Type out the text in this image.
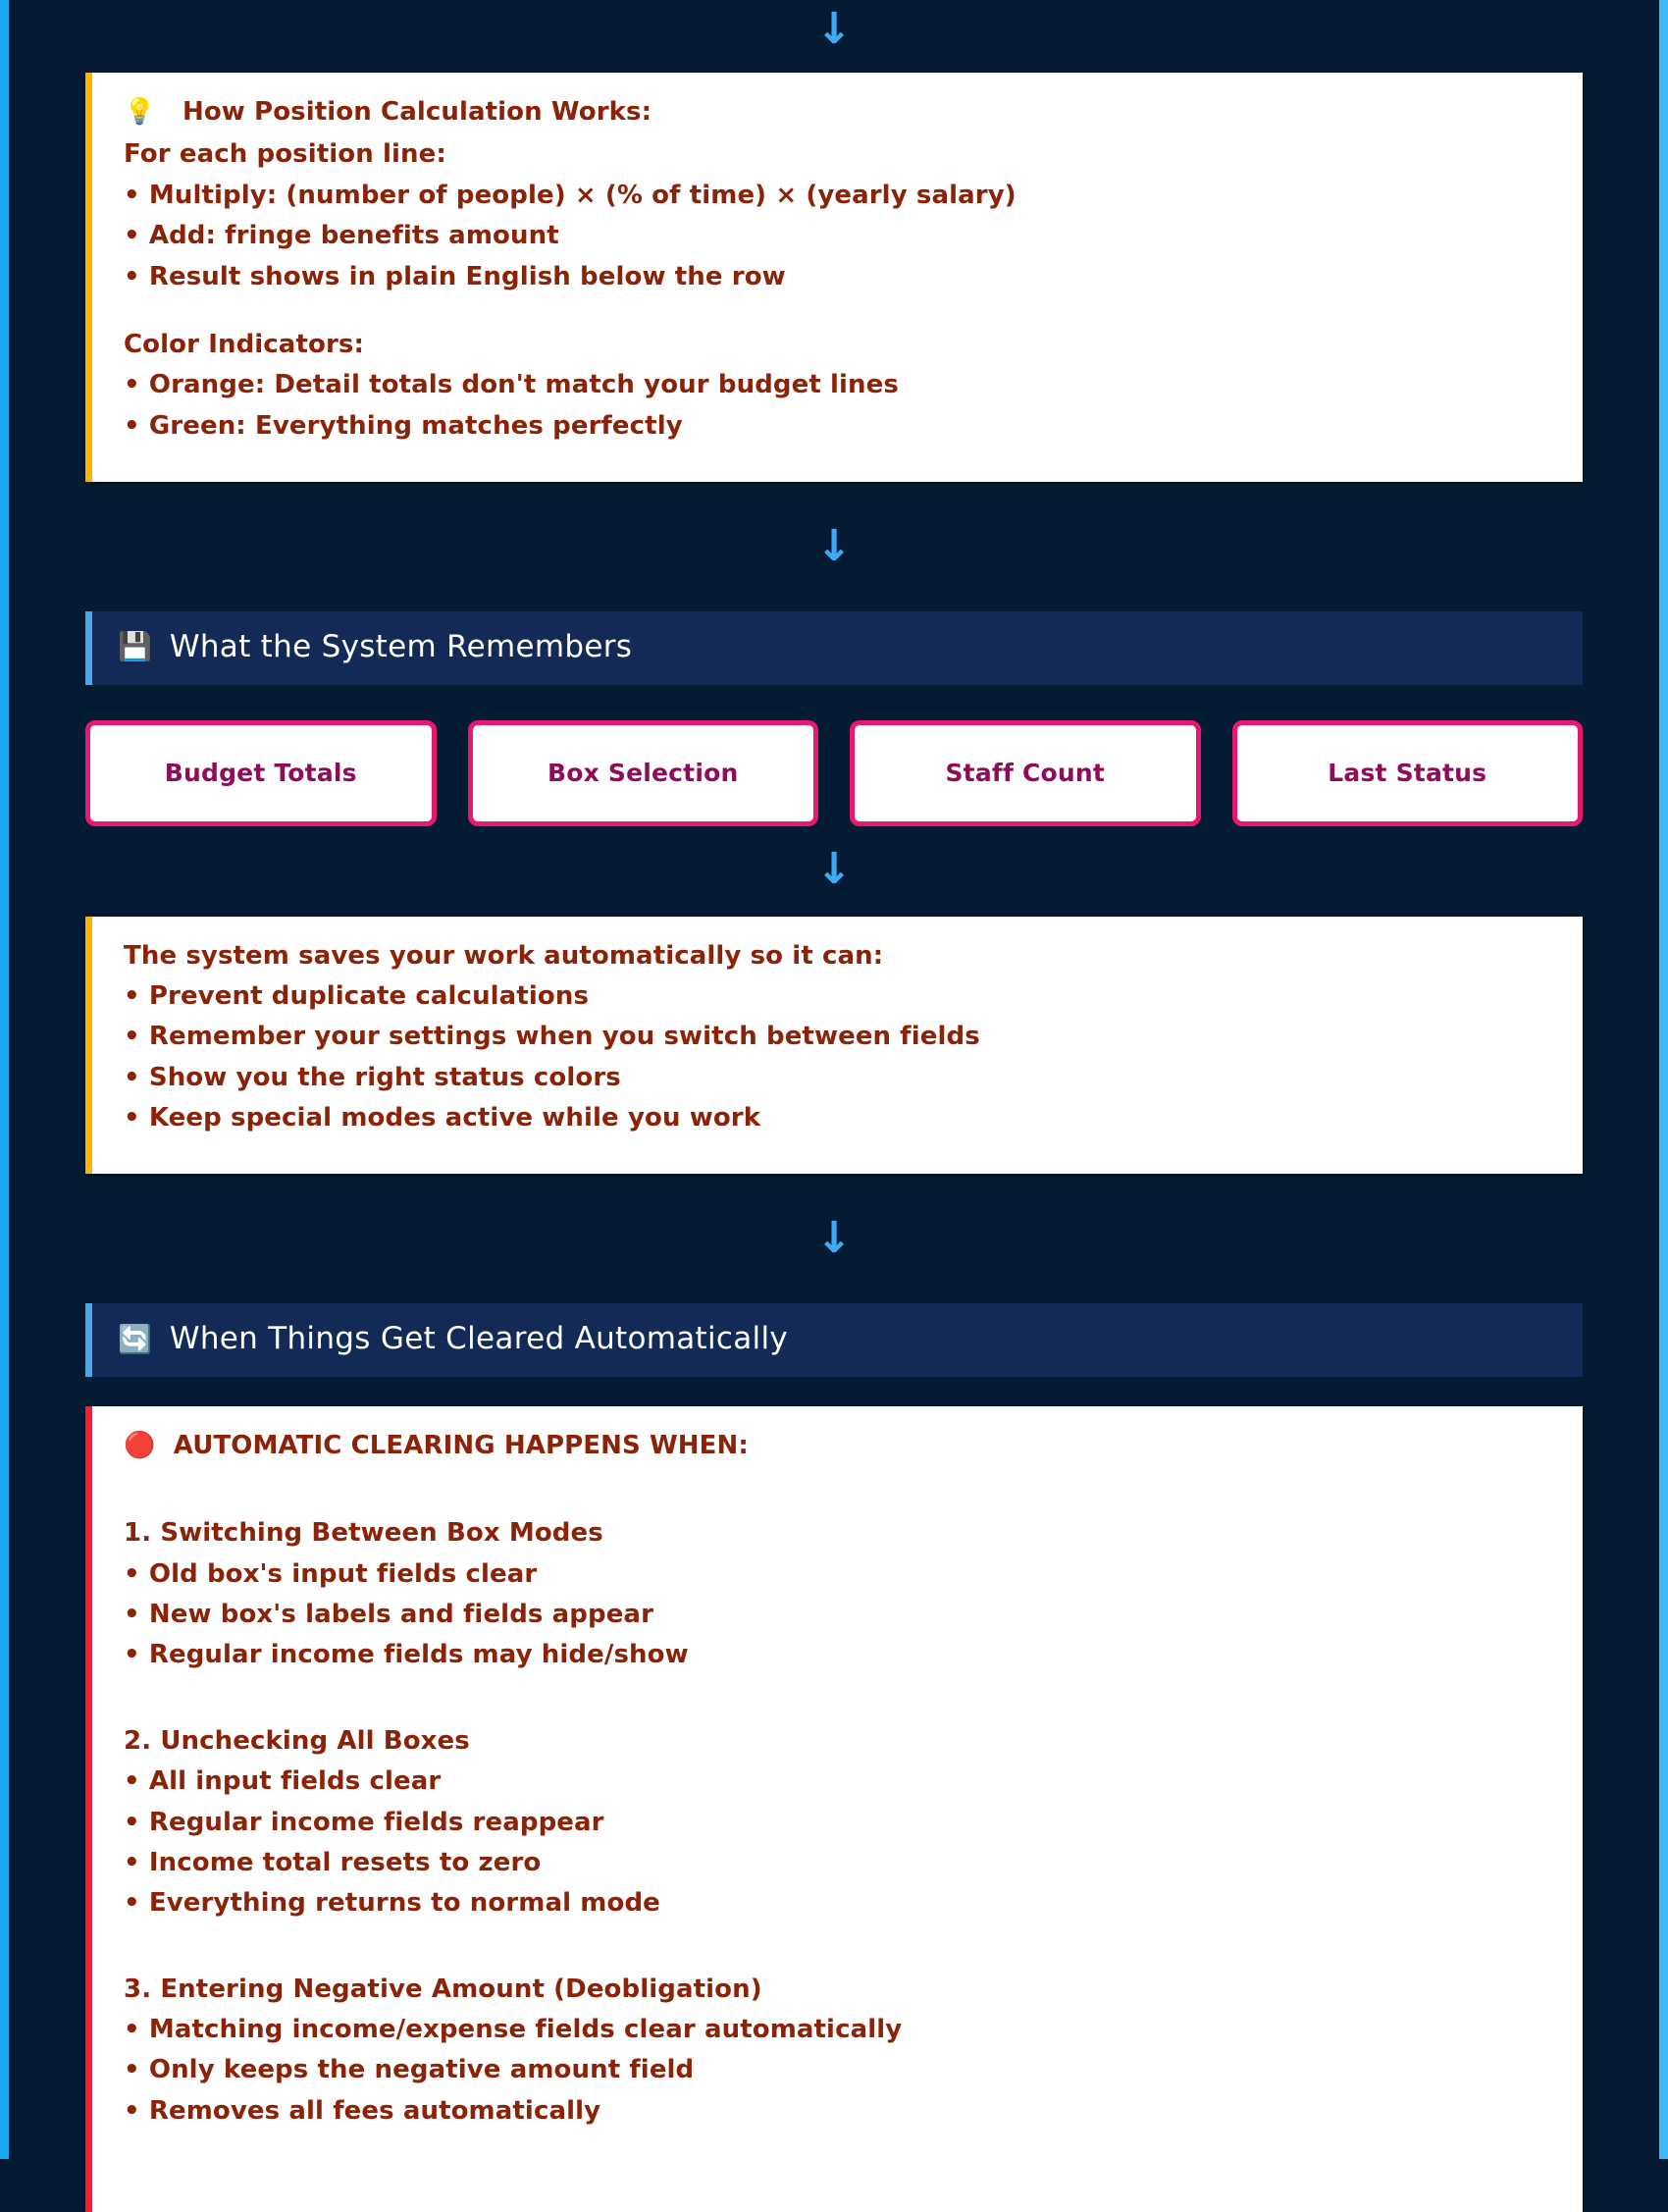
↓

💡 How Position Calculation Works:

For each position line:

• Multiply: (number of people) × (% of time) × (yearly salary)

• Add: fringe benefits amount

• Result shows in plain English below the row

Color Indicators:

• Orange: Detail totals don't match your budget lines

• Green: Everything matches perfectly

↓
💾 What the System Remembers
Budget Totals	Box Selection	Staff Count	Last Status
↓

The system saves your work automatically so it can:

• Prevent duplicate calculations

• Remember your settings when you switch between fields

• Show you the right status colors

• Keep special modes active while you work

↓
🔄 When Things Get Cleared Automatically

🔴 AUTOMATIC CLEARING HAPPENS WHEN:

1. Switching Between Box Modes

• Old box's input fields clear

• New box's labels and fields appear

• Regular income fields may hide/show

2. Unchecking All Boxes

• All input fields clear

• Regular income fields reappear

• Income total resets to zero

• Everything returns to normal mode

3. Entering Negative Amount (Deobligation)

• Matching income/expense fields clear automatically

• Only keeps the negative amount field

• Removes all fees automatically
